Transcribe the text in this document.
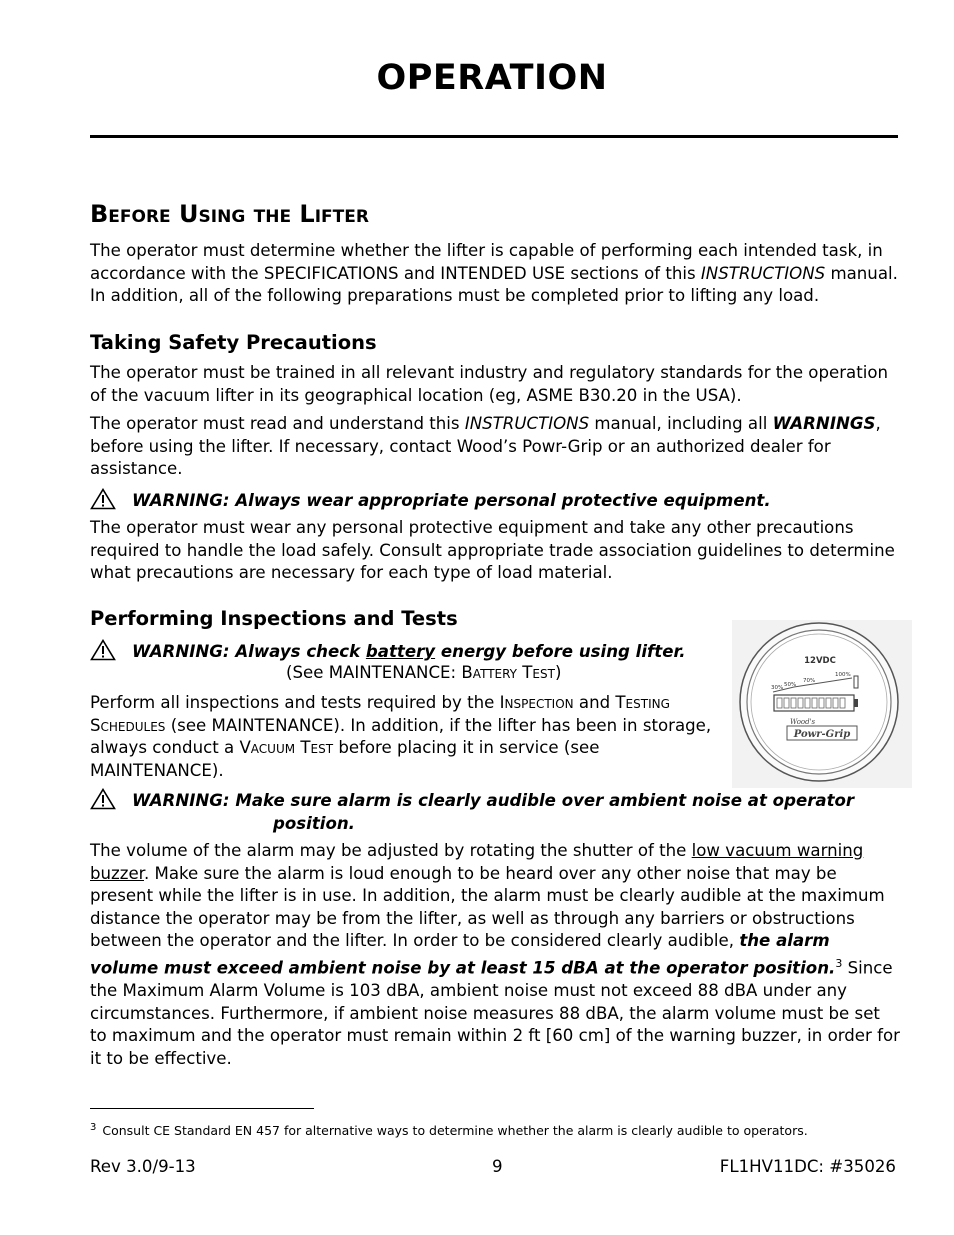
OPERATION
Before Using the Lifter

The operator must determine whether the lifter is capable of performing each intended task, in accordance with the SPECIFICATIONS and INTENDED USE sections of this INSTRUCTIONS manual. In addition, all of the following preparations must be completed prior to lifting any load.

Taking Safety Precautions

The operator must be trained in all relevant industry and regulatory standards for the operation of the vacuum lifter in its geographical location (eg, ASME B30.20 in the USA).

The operator must read and understand this INSTRUCTIONS manual, including all WARNINGS, before using the lifter. If necessary, contact Wood’s Powr-Grip or an authorized dealer for assistance.

WARNING: Always wear appropriate personal protective equipment.

The operator must wear any personal protective equipment and take any other precautions required to handle the load safely. Consult appropriate trade association guidelines to determine what precautions are necessary for each type of load material.

Performing Inspections and Tests
WARNING: Always check battery energy before using lifter.
(See MAINTENANCE: Battery Test)

Perform all inspections and tests required by the Inspection and Testing Schedules (see MAINTENANCE). In addition, if the lifter has been in storage, always conduct a Vacuum Test before placing it in service (see MAINTENANCE).

12VDC
30% 50%
70%
100%
Wood's
Powr-Grip
WARNING: Make sure alarm is clearly audible over ambient noise at operator
position.

The volume of the alarm may be adjusted by rotating the shutter of the low vacuum warning buzzer. Make sure the alarm is loud enough to be heard over any other noise that may be present while the lifter is in use. In addition, the alarm must be clearly audible at the maximum distance the operator may be from the lifter, as well as through any barriers or obstructions between the operator and the lifter. In order to be considered clearly audible, the alarm volume must exceed ambient noise by at least 15 dBA at the operator position.$^3$ Since the Maximum Alarm Volume is 103 dBA, ambient noise must not exceed 88 dBA under any circumstances. Furthermore, if ambient noise measures 88 dBA, the alarm volume must be set to maximum and the operator must remain within 2 ft [60 cm] of the warning buzzer, in order for it to be effective.

$^3$ Consult CE Standard EN 457 for alternative ways to determine whether the alarm is clearly audible to operators.
Rev 3.0/9-13	9	FL1HV11DC: #35026
